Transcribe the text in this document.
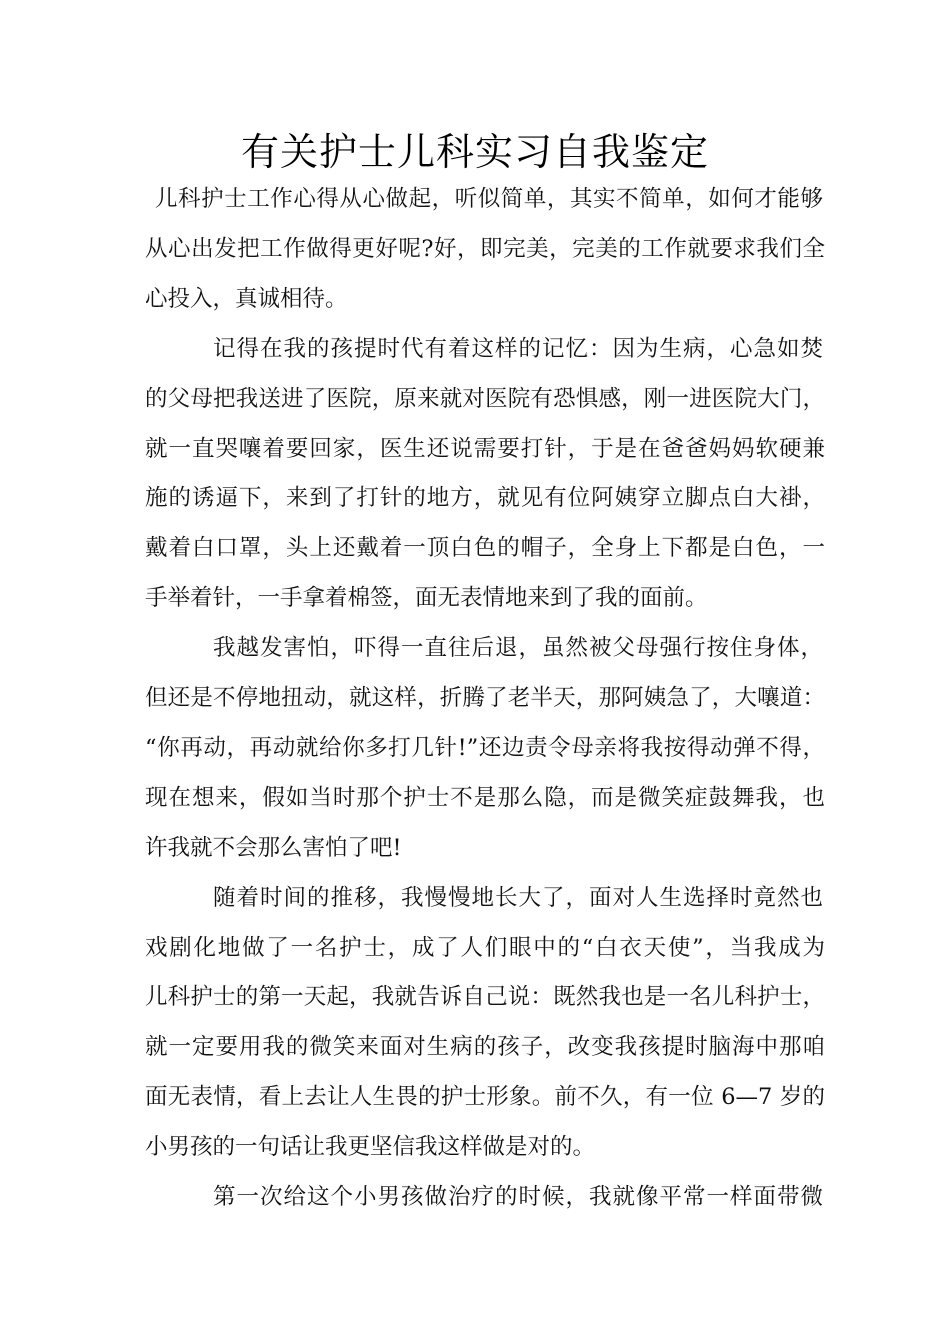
有关护士儿科实习自我鉴定
儿科护士工作心得从心做起，听似简单，其实不简单，如何才能够
从心出发把工作做得更好呢?好，即完美，完美的工作就要求我们全
心投入，真诚相待。
记得在我的孩提时代有着这样的记忆：因为生病，心急如焚
的父母把我送进了医院，原来就对医院有恐惧感，刚一进医院大门，
就一直哭嚷着要回家，医生还说需要打针，于是在爸爸妈妈软硬兼
施的诱逼下，来到了打针的地方，就见有位阿姨穿立脚点白大褂，
戴着白口罩，头上还戴着一顶白色的帽子，全身上下都是白色，一
手举着针，一手拿着棉签，面无表情地来到了我的面前。
我越发害怕，吓得一直往后退，虽然被父母强行按住身体，
但还是不停地扭动，就这样，折腾了老半天，那阿姨急了，大嚷道：
“你再动，再动就给你多打几针!”还边责令母亲将我按得动弹不得，
现在想来，假如当时那个护士不是那么隐，而是微笑症鼓舞我，也
许我就不会那么害怕了吧!
随着时间的推移，我慢慢地长大了，面对人生选择时竟然也
戏剧化地做了一名护士，成了人们眼中的“白衣天使”，当我成为
儿科护士的第一天起，我就告诉自己说：既然我也是一名儿科护士，
就一定要用我的微笑来面对生病的孩子，改变我孩提时脑海中那咱
面无表情，看上去让人生畏的护士形象。前不久，有一位 6—7 岁的
小男孩的一句话让我更坚信我这样做是对的。
第一次给这个小男孩做治疗的时候，我就像平常一样面带微
